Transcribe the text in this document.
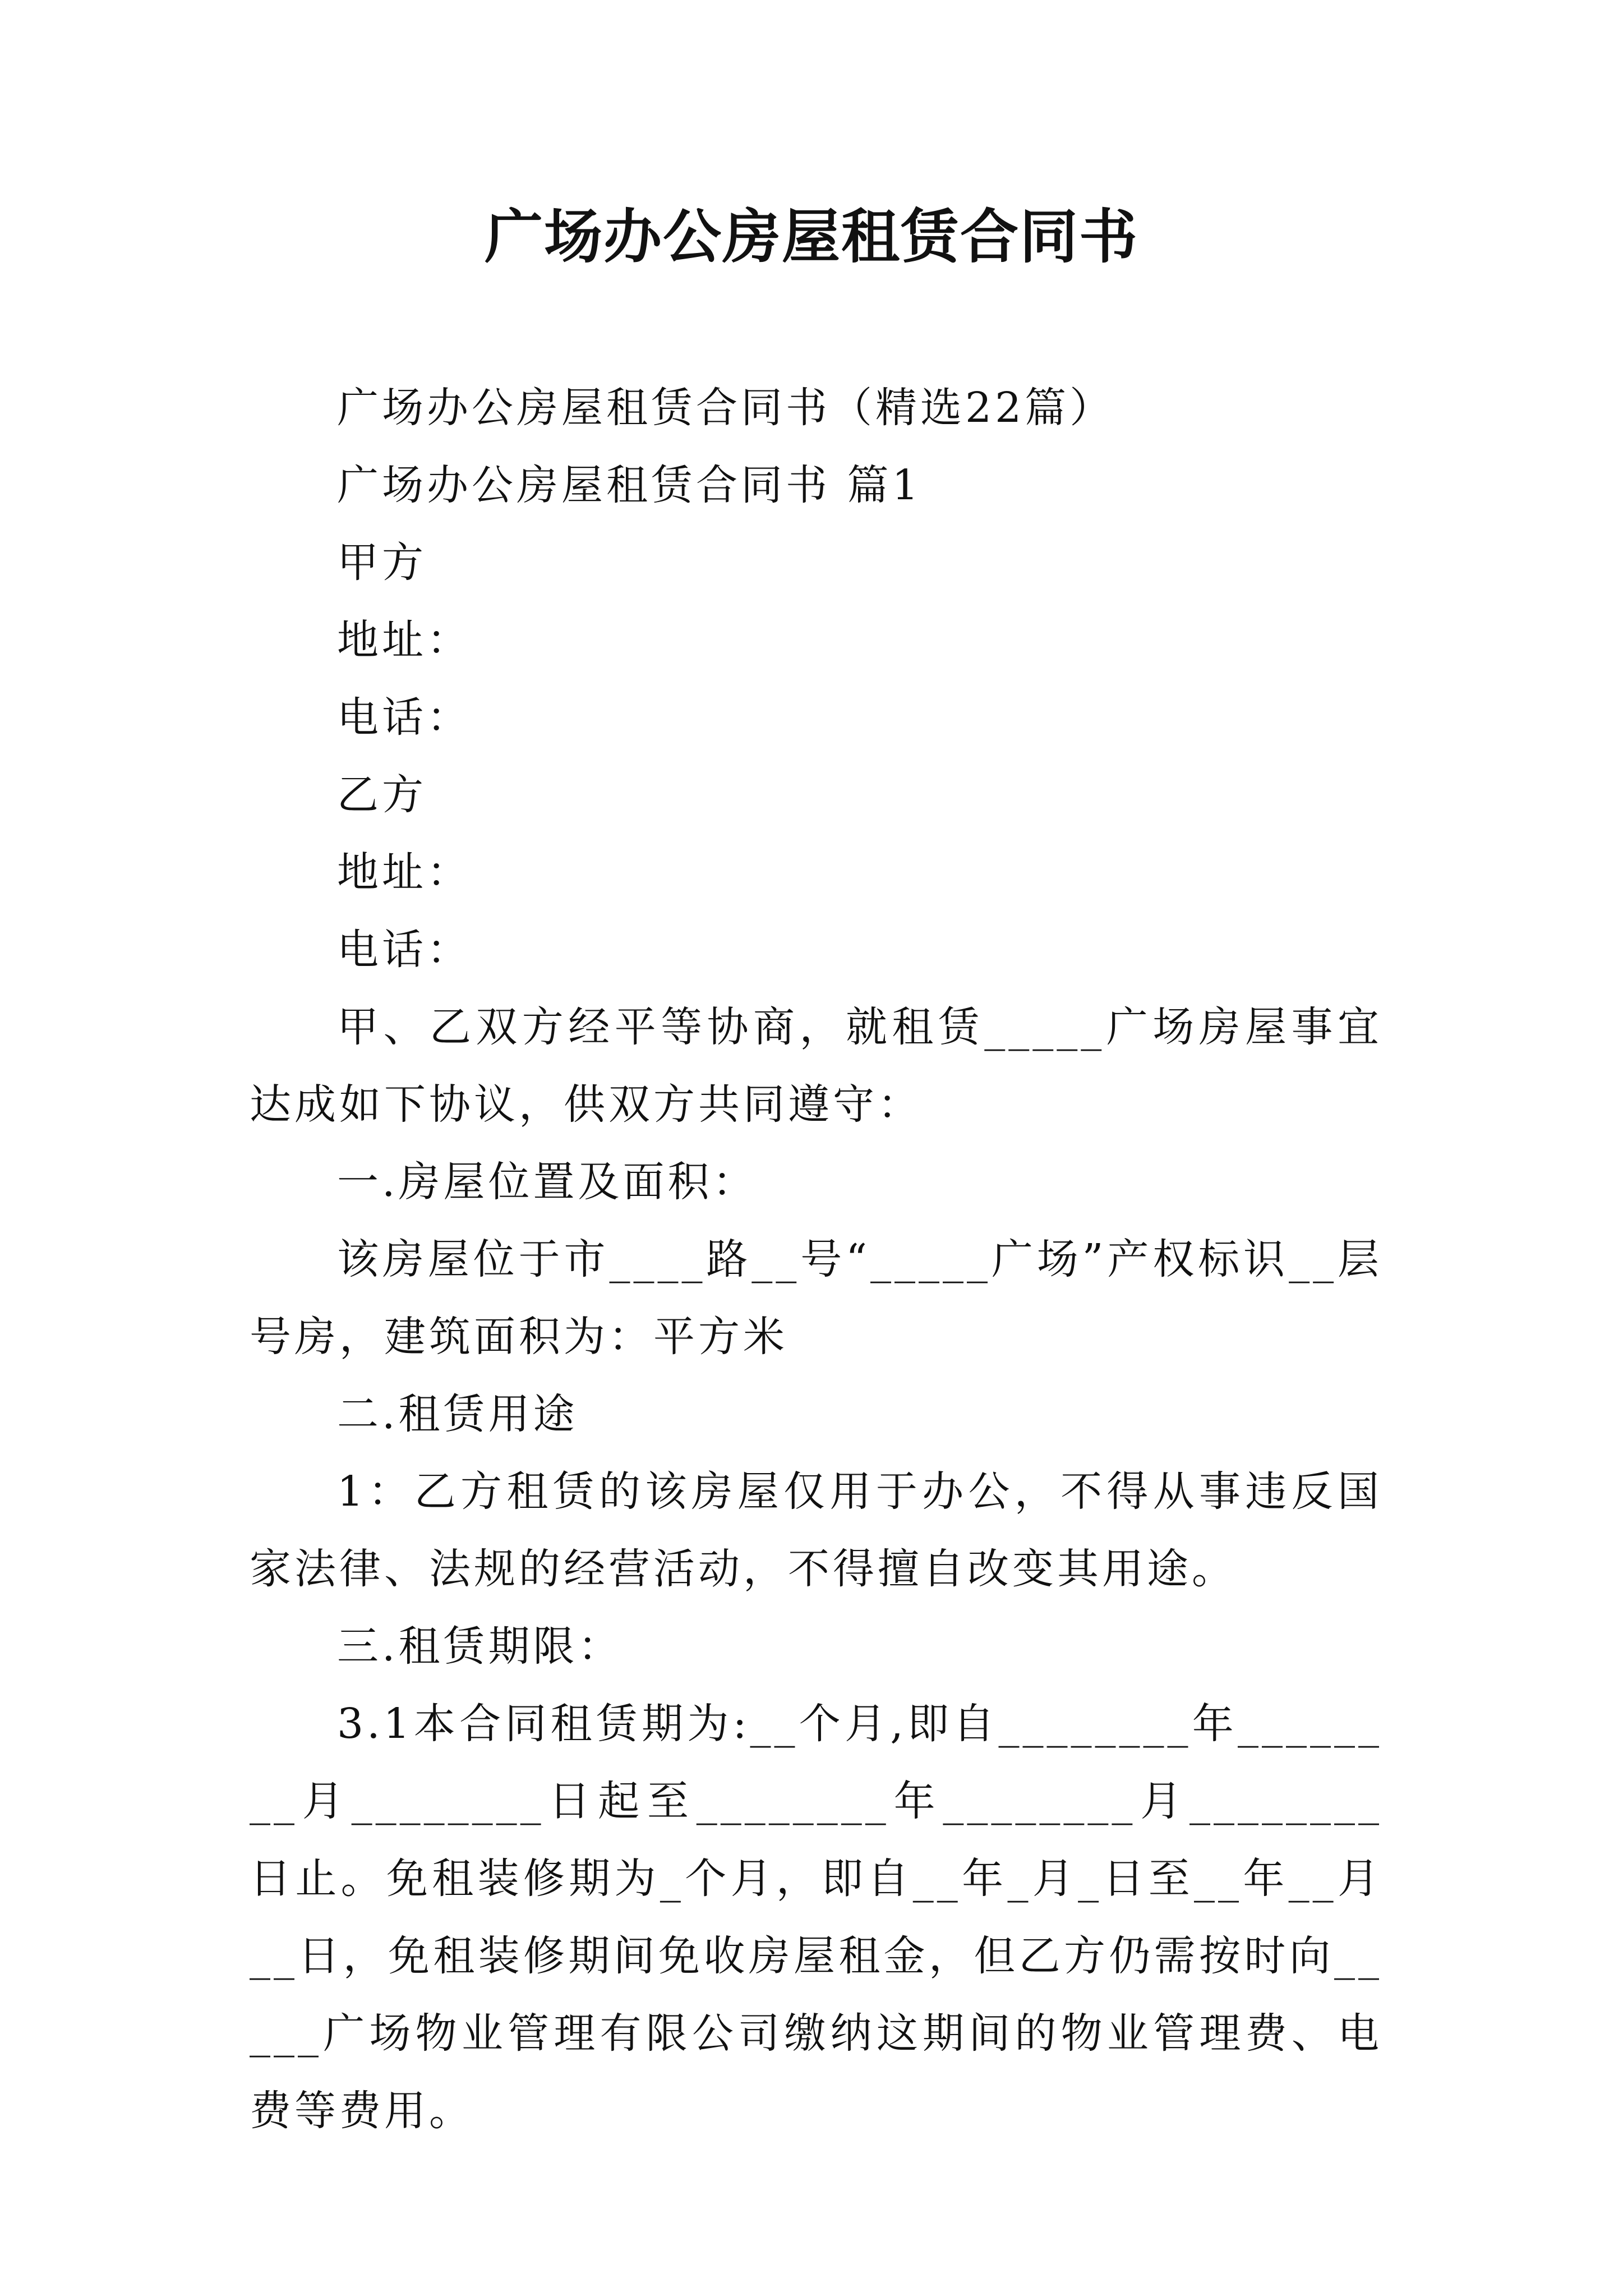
广场办公房屋租赁合同书

广场办公房屋租赁合同书（精选22篇）

广场办公房屋租赁合同书 篇1

甲方

地址：

电话：

乙方

地址：

电话：

甲、乙双方经平等协商，就租赁_____广场房屋事宜达成如下协议，供双方共同遵守：

一.房屋位置及面积：

该房屋位于市____路__号“_____广场”产权标识__层号房，建筑面积为：平方米

二.租赁用途

1：乙方租赁的该房屋仅用于办公，不得从事违反国家法律、法规的经营活动，不得擅自改变其用途。

三.租赁期限：

3.1本合同租赁期为:__个月,即自________年________月________日起至________年________月________日止。免租装修期为_个月，即自__年_月_日至__年__月__日，免租装修期间免收房屋租金，但乙方仍需按时向_____广场物业管理有限公司缴纳这期间的物业管理费、电费等费用。
